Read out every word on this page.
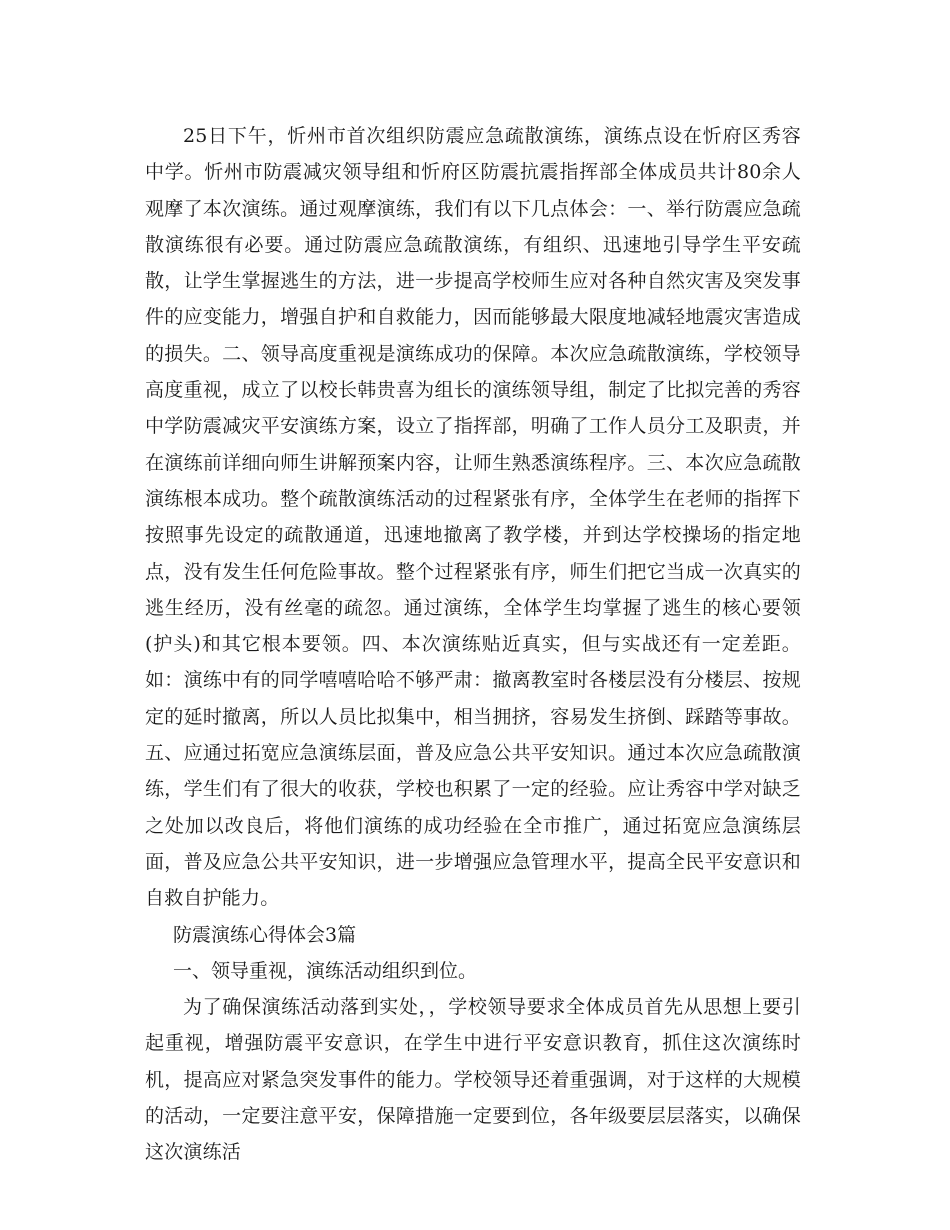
25日下午，忻州市首次组织防震应急疏散演练，演练点设在忻府区秀容中学。忻州市防震减灾领导组和忻府区防震抗震指挥部全体成员共计80余人观摩了本次演练。通过观摩演练，我们有以下几点体会：一、举行防震应急疏散演练很有必要。通过防震应急疏散演练，有组织、迅速地引导学生平安疏散，让学生掌握逃生的方法，进一步提高学校师生应对各种自然灾害及突发事件的应变能力，增强自护和自救能力，因而能够最大限度地减轻地震灾害造成的损失。二、领导高度重视是演练成功的保障。本次应急疏散演练，学校领导高度重视，成立了以校长韩贵喜为组长的演练领导组，制定了比拟完善的秀容中学防震减灾平安演练方案，设立了指挥部，明确了工作人员分工及职责，并在演练前详细向师生讲解预案内容，让师生熟悉演练程序。三、本次应急疏散演练根本成功。整个疏散演练活动的过程紧张有序，全体学生在老师的指挥下按照事先设定的疏散通道，迅速地撤离了教学楼，并到达学校操场的指定地点，没有发生任何危险事故。整个过程紧张有序，师生们把它当成一次真实的逃生经历，没有丝毫的疏忽。通过演练，全体学生均掌握了逃生的核心要领(护头)和其它根本要领。四、本次演练贴近真实，但与实战还有一定差距。如：演练中有的同学嘻嘻哈哈不够严肃：撤离教室时各楼层没有分楼层、按规定的延时撤离，所以人员比拟集中，相当拥挤，容易发生挤倒、踩踏等事故。五、应通过拓宽应急演练层面，普及应急公共平安知识。通过本次应急疏散演练，学生们有了很大的收获，学校也积累了一定的经验。应让秀容中学对缺乏之处加以改良后，将他们演练的成功经验在全市推广，通过拓宽应急演练层面，普及应急公共平安知识，进一步增强应急管理水平，提高全民平安意识和自救自护能力。

防震演练心得体会3篇

一、领导重视，演练活动组织到位。

为了确保演练活动落到实处，，学校领导要求全体成员首先从思想上要引起重视，增强防震平安意识，在学生中进行平安意识教育，抓住这次演练时机，提高应对紧急突发事件的能力。学校领导还着重强调，对于这样的大规模的活动，一定要注意平安，保障措施一定要到位，各年级要层层落实，以确保这次演练活
